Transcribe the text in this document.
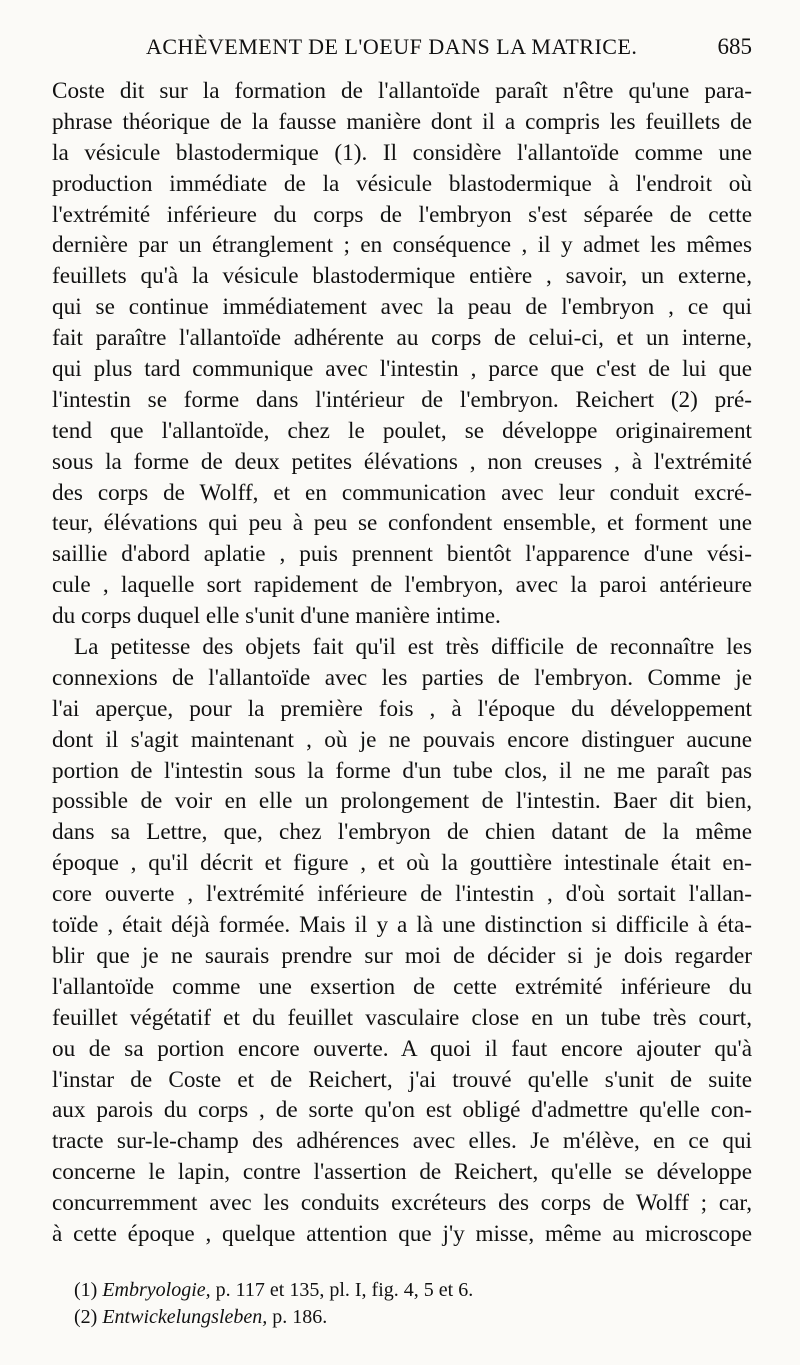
ACHÈVEMENT DE L'OEUF DANS LA MATRICE.	685
Coste dit sur la formation de l'allantoïde paraît n'être qu'une para-
phrase théorique de la fausse manière dont il a compris les feuillets de
la vésicule blastodermique (1). Il considère l'allantoïde comme une
production immédiate de la vésicule blastodermique à l'endroit où
l'extrémité inférieure du corps de l'embryon s'est séparée de cette
dernière par un étranglement ; en conséquence , il y admet les mêmes
feuillets qu'à la vésicule blastodermique entière , savoir, un externe,
qui se continue immédiatement avec la peau de l'embryon , ce qui
fait paraître l'allantoïde adhérente au corps de celui-ci, et un interne,
qui plus tard communique avec l'intestin , parce que c'est de lui que
l'intestin se forme dans l'intérieur de l'embryon. Reichert (2) pré-
tend que l'allantoïde, chez le poulet, se développe originairement
sous la forme de deux petites élévations , non creuses , à l'extrémité
des corps de Wolff, et en communication avec leur conduit excré-
teur, élévations qui peu à peu se confondent ensemble, et forment une
saillie d'abord aplatie , puis prennent bientôt l'apparence d'une vési-
cule , laquelle sort rapidement de l'embryon, avec la paroi antérieure
du corps duquel elle s'unit d'une manière intime.
La petitesse des objets fait qu'il est très difficile de reconnaître les
connexions de l'allantoïde avec les parties de l'embryon. Comme je
l'ai aperçue, pour la première fois , à l'époque du développement
dont il s'agit maintenant , où je ne pouvais encore distinguer aucune
portion de l'intestin sous la forme d'un tube clos, il ne me paraît pas
possible de voir en elle un prolongement de l'intestin. Baer dit bien,
dans sa Lettre, que, chez l'embryon de chien datant de la même
époque , qu'il décrit et figure , et où la gouttière intestinale était en-
core ouverte , l'extrémité inférieure de l'intestin , d'où sortait l'allan-
toïde , était déjà formée. Mais il y a là une distinction si difficile à éta-
blir que je ne saurais prendre sur moi de décider si je dois regarder
l'allantoïde comme une exsertion de cette extrémité inférieure du
feuillet végétatif et du feuillet vasculaire close en un tube très court,
ou de sa portion encore ouverte. A quoi il faut encore ajouter qu'à
l'instar de Coste et de Reichert, j'ai trouvé qu'elle s'unit de suite
aux parois du corps , de sorte qu'on est obligé d'admettre qu'elle con-
tracte sur-le-champ des adhérences avec elles. Je m'élève, en ce qui
concerne le lapin, contre l'assertion de Reichert, qu'elle se développe
concurremment avec les conduits excréteurs des corps de Wolff ; car,
à cette époque , quelque attention que j'y misse, même au microscope
(1) Embryologie, p. 117 et 135, pl. I, fig. 4, 5 et 6.
(2) Entwickelungsleben, p. 186.
